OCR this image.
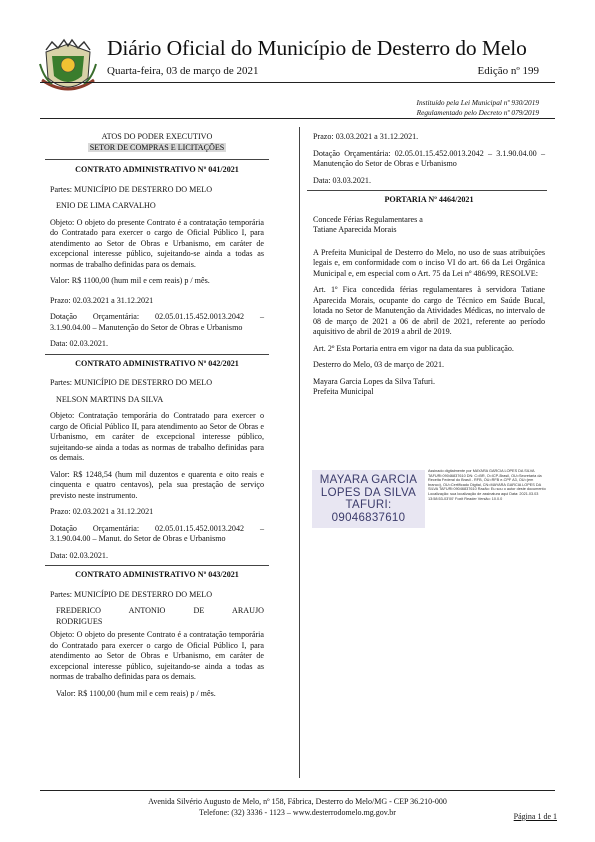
Diário Oficial do Município de Desterro do Melo
Quarta-feira, 03 de março de 2021	Edição nº 199
Instituído pela Lei Municipal nº 930/2019
Regulamentado pelo Decreto nº 079/2019

ATOS DO PODER EXECUTIVO

SETOR DE COMPRAS E LICITAÇÕES

CONTRATO ADMINISTRATIVO Nº 041/2021

Partes: MUNICÍPIO DE DESTERRO DO MELO

ENIO DE LIMA CARVALHO

Objeto: O objeto do presente Contrato é a contratação temporária do Contratado para exercer o cargo de Oficial Público I, para atendimento ao Setor de Obras e Urbanismo, em caráter de excepcional interesse público, sujeitando-se ainda a todas as normas de trabalho definidas para os demais.

Valor: R$ 1100,00 (hum mil e cem reais) p / mês.

Prazo: 02.03.2021 a 31.12.2021

Dotação Orçamentária: 02.05.01.15.452.0013.2042 – 3.1.90.04.00 – Manutenção do Setor de Obras e Urbanismo

Data: 02.03.2021.

CONTRATO ADMINISTRATIVO Nº 042/2021

Partes: MUNICÍPIO DE DESTERRO DO MELO

NELSON MARTINS DA SILVA

Objeto: Contratação temporária do Contratado para exercer o cargo de Oficial Público II, para atendimento ao Setor de Obras e Urbanismo, em caráter de excepcional interesse público, sujeitando-se ainda a todas as normas de trabalho definidas para os demais.

Valor: R$ 1248,54 (hum mil duzentos e quarenta e oito reais e cinquenta e quatro centavos), pela sua prestação de serviço previsto neste instrumento.

Prazo: 02.03.2021 a 31.12.2021

Dotação Orçamentária: 02.05.01.15.452.0013.2042 – 3.1.90.04.00 – Manut. do Setor de Obras e Urbanismo

Data: 02.03.2021.

CONTRATO ADMINISTRATIVO Nº 043/2021

Partes: MUNICÍPIO DE DESTERRO DO MELO

FREDERICO ANTONIO DE ARAUJO

RODRIGUES

Objeto: O objeto do presente Contrato é a contratação temporária do Contratado para exercer o cargo de Oficial Público I, para atendimento ao Setor de Obras e Urbanismo, em caráter de excepcional interesse público, sujeitando-se ainda a todas as normas de trabalho definidas para os demais.

Valor: R$ 1100,00 (hum mil e cem reais) p / mês.

Prazo: 03.03.2021 a 31.12.2021.

Dotação Orçamentária: 02.05.01.15.452.0013.2042 – 3.1.90.04.00 – Manutenção do Setor de Obras e Urbanismo

Data: 03.03.2021.

PORTARIA Nº 4464/2021

Concede Férias Regulamentares a

Tatiane Aparecida Morais

A Prefeita Municipal de Desterro do Melo, no uso de suas atribuições legais e, em conformidade com o inciso VI do art. 66 da Lei Orgânica Municipal e, em especial com o Art. 75 da Lei nº 486/99, RESOLVE:

Art. 1º Fica concedida férias regulamentares à servidora Tatiane Aparecida Morais, ocupante do cargo de Técnico em Saúde Bucal, lotada no Setor de Manutenção da Atividades Médicas, no intervalo de 08 de março de 2021 a 06 de abril de 2021, referente ao período aquisitivo de abril de 2019 a abril de 2019.

Art. 2º Esta Portaria entra em vigor na data da sua publicação.

Desterro do Melo, 03 de março de 2021.

Mayara Garcia Lopes da Silva Tafuri.

Prefeita Municipal

MAYARA GARCIA
LOPES DA SILVA
TAFURI:
09046837610
Assinado digitalmente por MAYARA GARCIA LOPES DA SILVA TAFURI:09046837610 DN: C=BR, O=ICP-Brasil, OU=Secretaria da Receita Federal do Brasil - RFB, OU=RFB e-CPF A3, OU=(em branco), OU=Certificado Digital, CN=MAYARA GARCIA LOPES DA SILVA TAFURI:09046837610 Razão: Eu sou o autor deste documento Localização: sua localização de assinatura aqui Data: 2021.03.03 13:58:53-03'00' Foxit Reader Versão: 10.0.0
Avenida Silvério Augusto de Melo, nº 158, Fábrica, Desterro do Melo/MG - CEP 36.210-000
Telefone: (32) 3336 - 1123 – www.desterrodomelo.mg.gov.br	Página 1 de 1
